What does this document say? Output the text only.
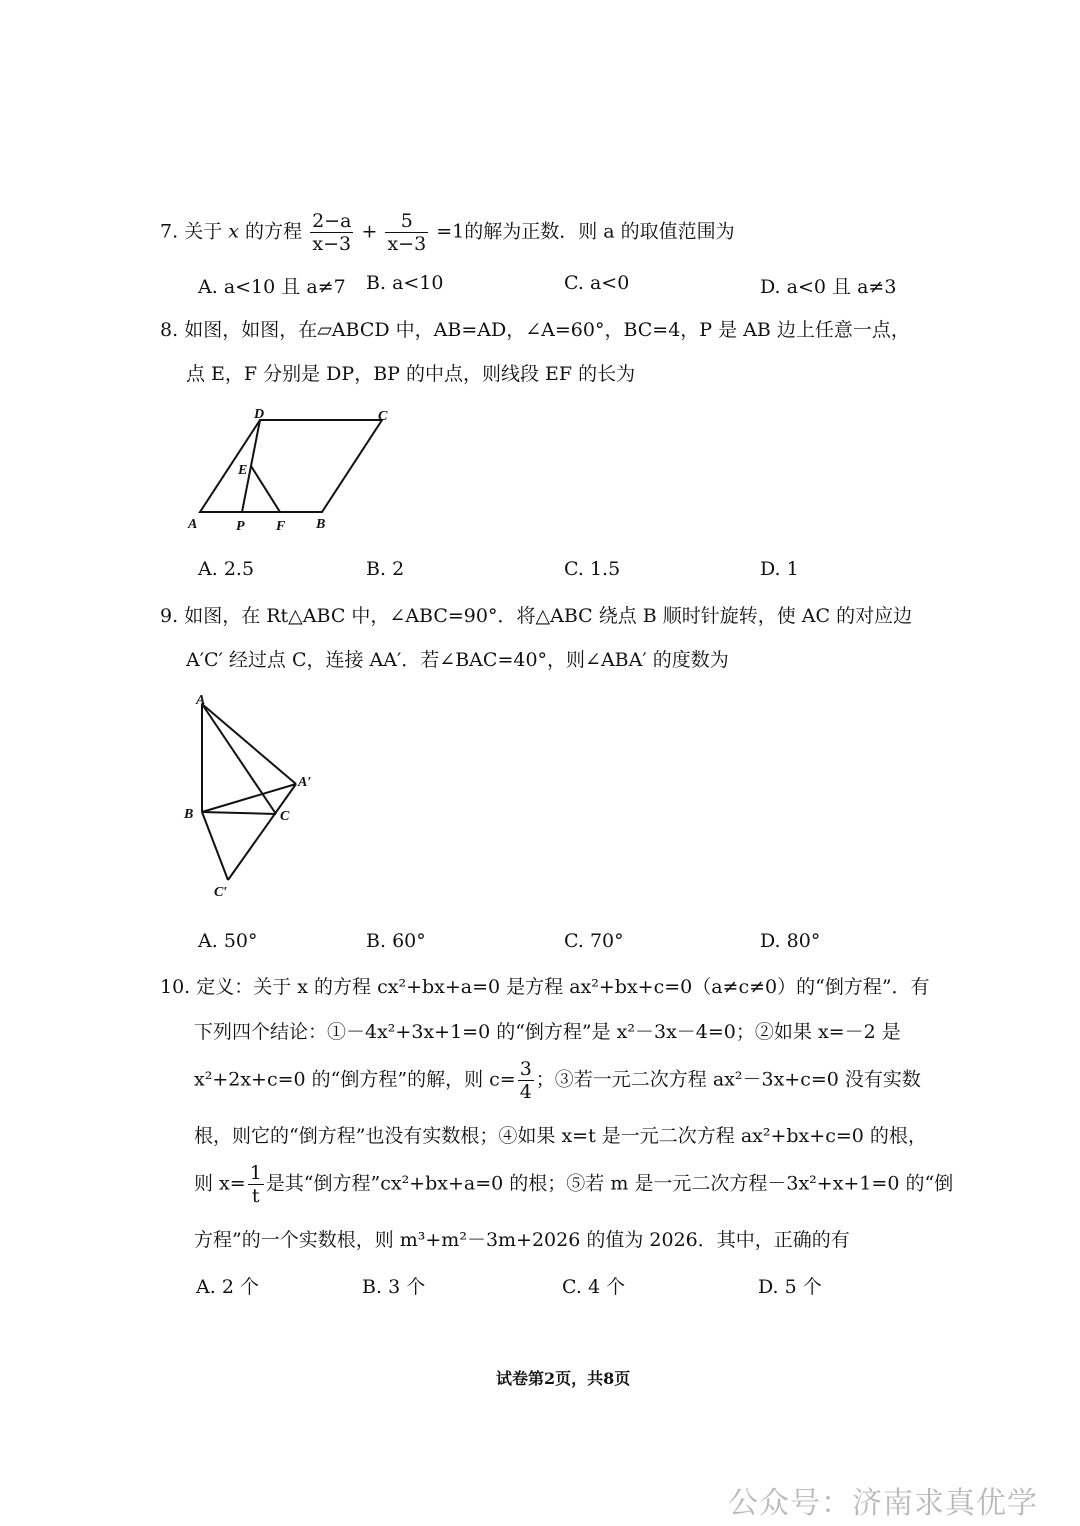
7. 关于 x 的方程 $\frac{2-a}{x-3} + \frac{5}{x-3} =1$的解为正数．则 a 的取值范围为
A. a<10 且 a≠7 B. a<10	C. a<0	D. a<0 且 a≠3
8. 如图，如图，在▱ABCD 中，AB=AD，∠A=60°，BC=4，P 是 AB 边上任意一点，
点 E，F 分别是 DP，BP 的中点，则线段 EF 的长为
A	B
C
D
E
P F
A. 2.5	B. 2	C. 1.5	D. 1
9. 如图，在 Rt△ABC 中，∠ABC=90°．将△ABC 绕点 B 顺时针旋转，使 AC 的对应边
A′C′ 经过点 C，连接 AA′．若∠BAC=40°，则∠ABA′ 的度数为
A
A′
B	C
C′
A. 50°	B. 60°	C. 70°	D. 80°
10. 定义：关于 x 的方程 cx²+bx+a=0 是方程 ax²+bx+c=0（a≠c≠0）的“倒方程”．有
下列四个结论：①－4x²+3x+1=0 的“倒方程”是 x²－3x－4=0；②如果 x=－2 是
x²+2x+c=0 的“倒方程”的解，则 $c= \frac{3}{4}$ ；③若一元二次方程 ax²－3x+c=0 没有实数
根，则它的“倒方程”也没有实数根；④如果 x=t 是一元二次方程 ax²+bx+c=0 的根，
则 $x= \frac{1}{t}$ 是其“倒方程”cx²+bx+a=0 的根；⑤若 m 是一元二次方程－3x²+x+1=0 的“倒
方程”的一个实数根，则 m³+m²－3m+2026 的值为 2026．其中，正确的有
A. 2 个	B. 3 个	C. 4 个	D. 5 个
试卷第2页，共8页
公众号：济南求真优学
